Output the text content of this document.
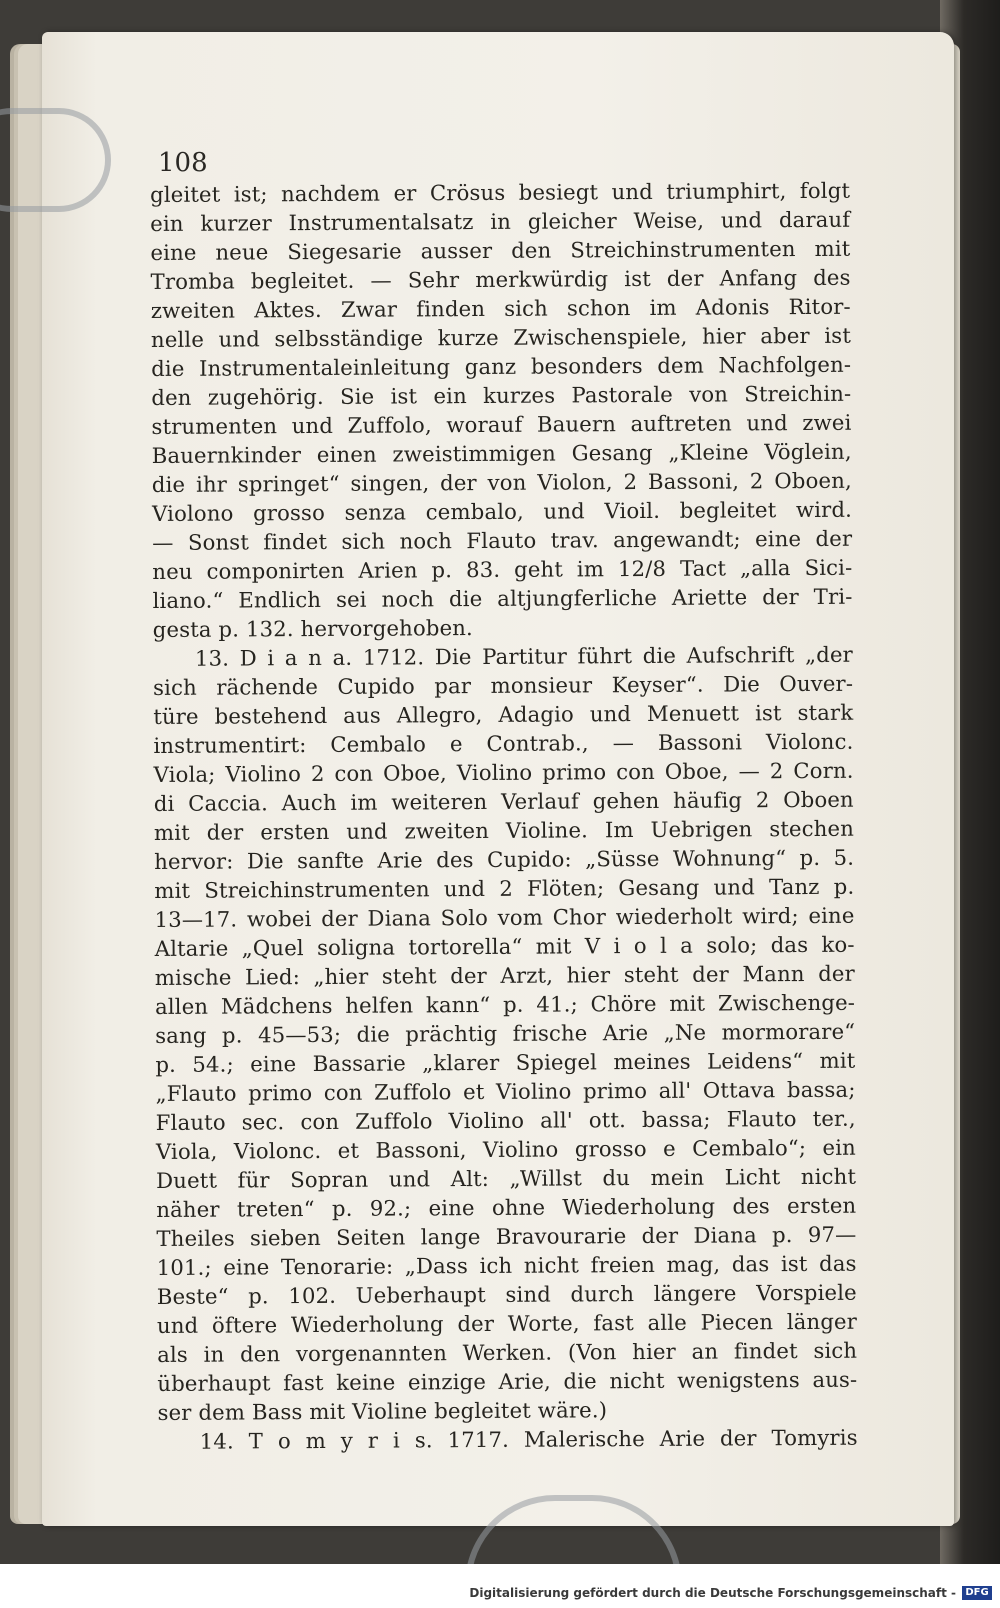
108
gleitet ist; nachdem er Crösus besiegt und triumphirt, folgt
ein kurzer Instrumentalsatz in gleicher Weise, und darauf
eine neue Siegesarie ausser den Streichinstrumenten mit
Tromba begleitet. — Sehr merkwürdig ist der Anfang des
zweiten Aktes. Zwar finden sich schon im Adonis Ritor-
nelle und selbsständige kurze Zwischenspiele, hier aber ist
die Instrumentaleinleitung ganz besonders dem Nachfolgen-
den zugehörig. Sie ist ein kurzes Pastorale von Streichin-
strumenten und Zuffolo, worauf Bauern auftreten und zwei
Bauernkinder einen zweistimmigen Gesang „Kleine Vöglein,
die ihr springet“ singen, der von Violon, 2 Bassoni, 2 Oboen,
Violono grosso senza cembalo, und Vioil. begleitet wird.
— Sonst findet sich noch Flauto trav. angewandt; eine der
neu componirten Arien p. 83. geht im 12/8 Tact „alla Sici-
liano.“ Endlich sei noch die altjungferliche Ariette der Tri-
gesta p. 132. hervorgehoben.
13. D i a n a. 1712. Die Partitur führt die Aufschrift „der
sich rächende Cupido par monsieur Keyser“. Die Ouver-
türe bestehend aus Allegro, Adagio und Menuett ist stark
instrumentirt: Cembalo e Contrab., — Bassoni Violonc.
Viola; Violino 2 con Oboe, Violino primo con Oboe, — 2 Corn.
di Caccia. Auch im weiteren Verlauf gehen häufig 2 Oboen
mit der ersten und zweiten Violine. Im Uebrigen stechen
hervor: Die sanfte Arie des Cupido: „Süsse Wohnung“ p. 5.
mit Streichinstrumenten und 2 Flöten; Gesang und Tanz p.
13—17. wobei der Diana Solo vom Chor wiederholt wird; eine
Altarie „Quel soligna tortorella“ mit V i o l a solo; das ko-
mische Lied: „hier steht der Arzt, hier steht der Mann der
allen Mädchens helfen kann“ p. 41.; Chöre mit Zwischenge-
sang p. 45—53; die prächtig frische Arie „Ne mormorare“
p. 54.; eine Bassarie „klarer Spiegel meines Leidens“ mit
„Flauto primo con Zuffolo et Violino primo all' Ottava bassa;
Flauto sec. con Zuffolo Violino all' ott. bassa; Flauto ter.,
Viola, Violonc. et Bassoni, Violino grosso e Cembalo“; ein
Duett für Sopran und Alt: „Willst du mein Licht nicht
näher treten“ p. 92.; eine ohne Wiederholung des ersten
Theiles sieben Seiten lange Bravourarie der Diana p. 97—
101.; eine Tenorarie: „Dass ich nicht freien mag, das ist das
Beste“ p. 102. Ueberhaupt sind durch längere Vorspiele
und öftere Wiederholung der Worte, fast alle Piecen länger
als in den vorgenannten Werken. (Von hier an findet sich
überhaupt fast keine einzige Arie, die nicht wenigstens aus-
ser dem Bass mit Violine begleitet wäre.)
14. T o m y r i s. 1717. Malerische Arie der Tomyris
Digitalisierung gefördert durch die Deutsche Forschungsgemeinschaft - DFG
